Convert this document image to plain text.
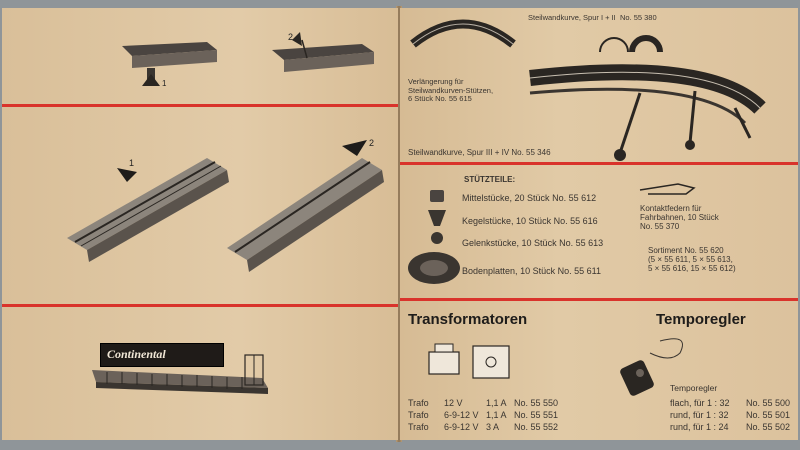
1
2
1
2
Continental
Steilwandkurve, Spur I + II No. 55 380
Verlängerung für
Steilwandkurven-Stützen,
6 Stück No. 55 615
Steilwandkurve, Spur III + IV No. 55 346
STÜTZTEILE:
Mittelstücke, 20 Stück No. 55 612
Kegelstücke, 10 Stück No. 55 616
Gelenkstücke, 10 Stück No. 55 613
Bodenplatten, 10 Stück No. 55 611
Kontaktfedern für
Fahrbahnen, 10 Stück
No. 55 370
Sortiment No. 55 620
(5 × 55 611, 5 × 55 613,
5 × 55 616, 15 × 55 612)
Transformatoren	Temporegler
Trafo 12 V	1,1 A No. 55 550
Trafo 6-9-12 V 1,1 A No. 55 551
Trafo 6-9-12 V 3 A No. 55 552
Temporegler
flach, für 1 : 32 No. 55 500
rund, für 1 : 32 No. 55 501
rund, für 1 : 24 No. 55 502
